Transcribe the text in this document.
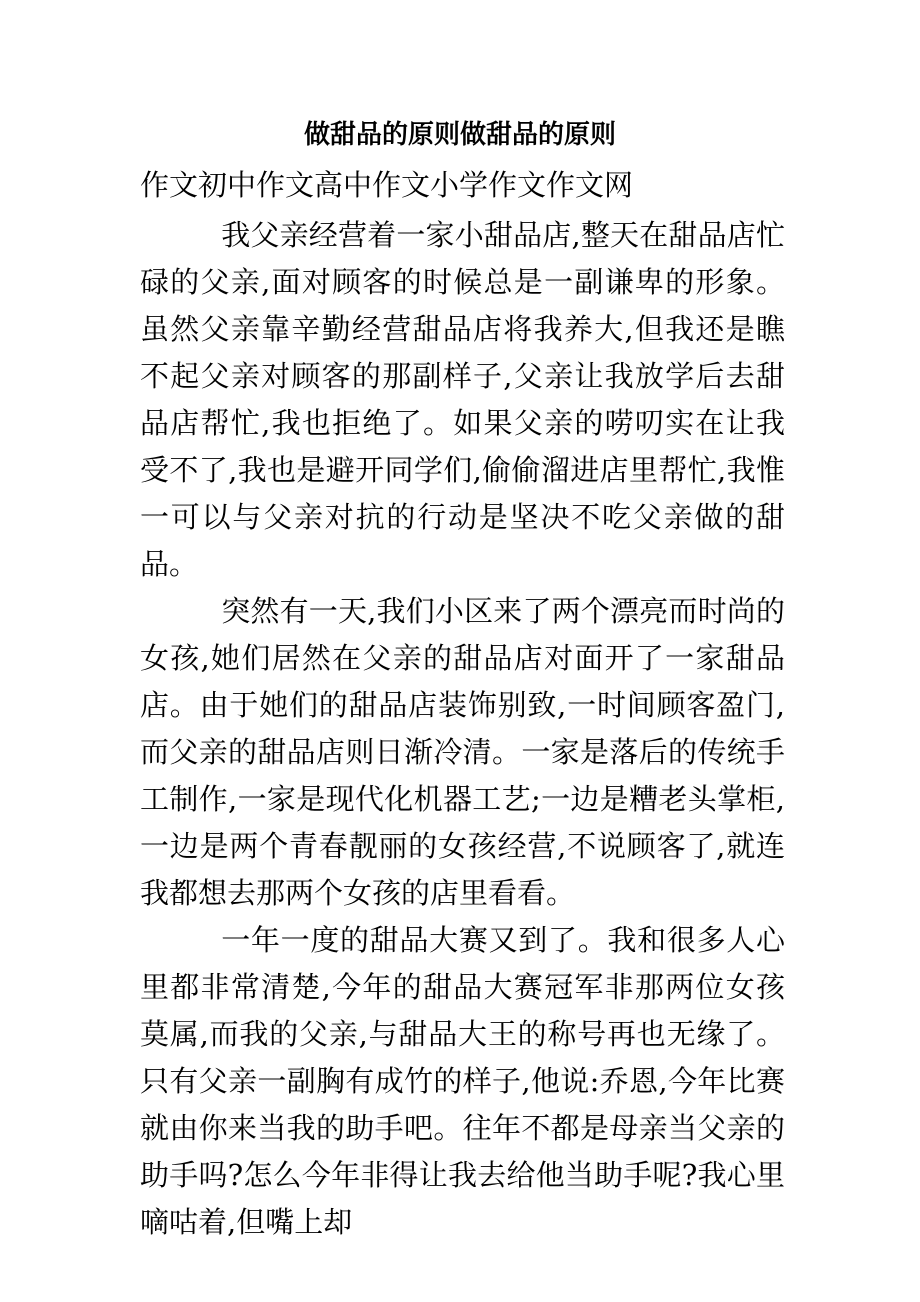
做甜品的原则做甜品的原则

作文初中作文高中作文小学作文作文网

我父亲经营着一家小甜品店,整天在甜品店忙碌的父亲,面对顾客的时候总是一副谦卑的形象。虽然父亲靠辛勤经营甜品店将我养大,但我还是瞧不起父亲对顾客的那副样子,父亲让我放学后去甜品店帮忙,我也拒绝了。如果父亲的唠叨实在让我受不了,我也是避开同学们,偷偷溜进店里帮忙,我惟一可以与父亲对抗的行动是坚决不吃父亲做的甜品。

突然有一天,我们小区来了两个漂亮而时尚的女孩,她们居然在父亲的甜品店对面开了一家甜品店。由于她们的甜品店装饰别致,一时间顾客盈门,而父亲的甜品店则日渐冷清。一家是落后的传统手工制作,一家是现代化机器工艺;一边是糟老头掌柜,一边是两个青春靓丽的女孩经营,不说顾客了,就连我都想去那两个女孩的店里看看。

一年一度的甜品大赛又到了。我和很多人心里都非常清楚,今年的甜品大赛冠军非那两位女孩莫属,而我的父亲,与甜品大王的称号再也无缘了。只有父亲一副胸有成竹的样子,他说:乔恩,今年比赛就由你来当我的助手吧。往年不都是母亲当父亲的助手吗?怎么今年非得让我去给他当助手呢?我心里嘀咕着,但嘴上却
